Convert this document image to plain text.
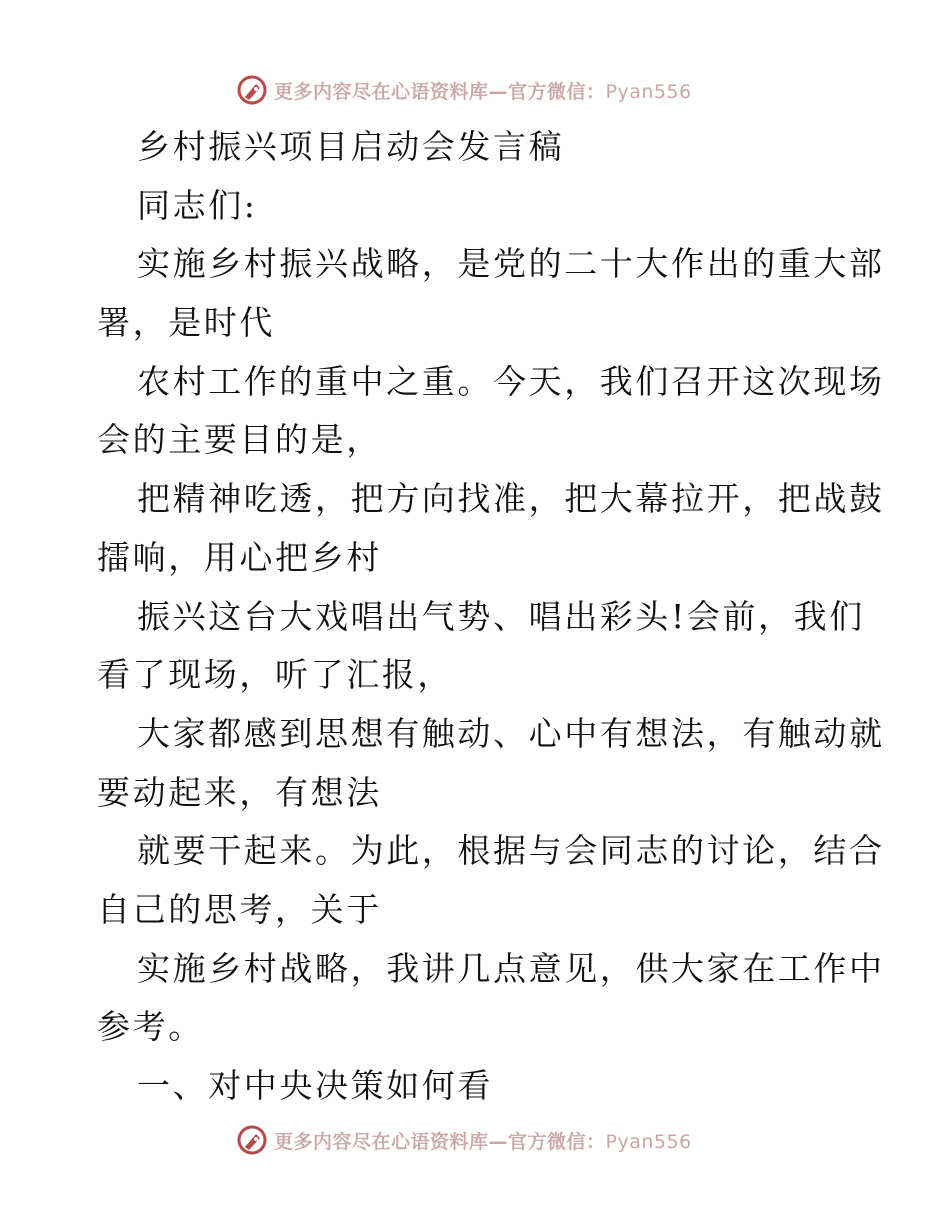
更多内容尽在心语资料库—官方微信：Pyan556
乡村振兴项目启动会发言稿
同志们:
实施乡村振兴战略，是党的二十大作出的重大部
署，是时代
农村工作的重中之重。今天，我们召开这次现场
会的主要目的是，
把精神吃透，把方向找准，把大幕拉开，把战鼓
擂响，用心把乡村
振兴这台大戏唱出气势、唱出彩头!会前，我们
看了现场，听了汇报，
大家都感到思想有触动、心中有想法，有触动就
要动起来，有想法
就要干起来。为此，根据与会同志的讨论，结合
自己的思考，关于
实施乡村战略，我讲几点意见，供大家在工作中
参考。
一、对中央决策如何看
更多内容尽在心语资料库—官方微信：Pyan556
